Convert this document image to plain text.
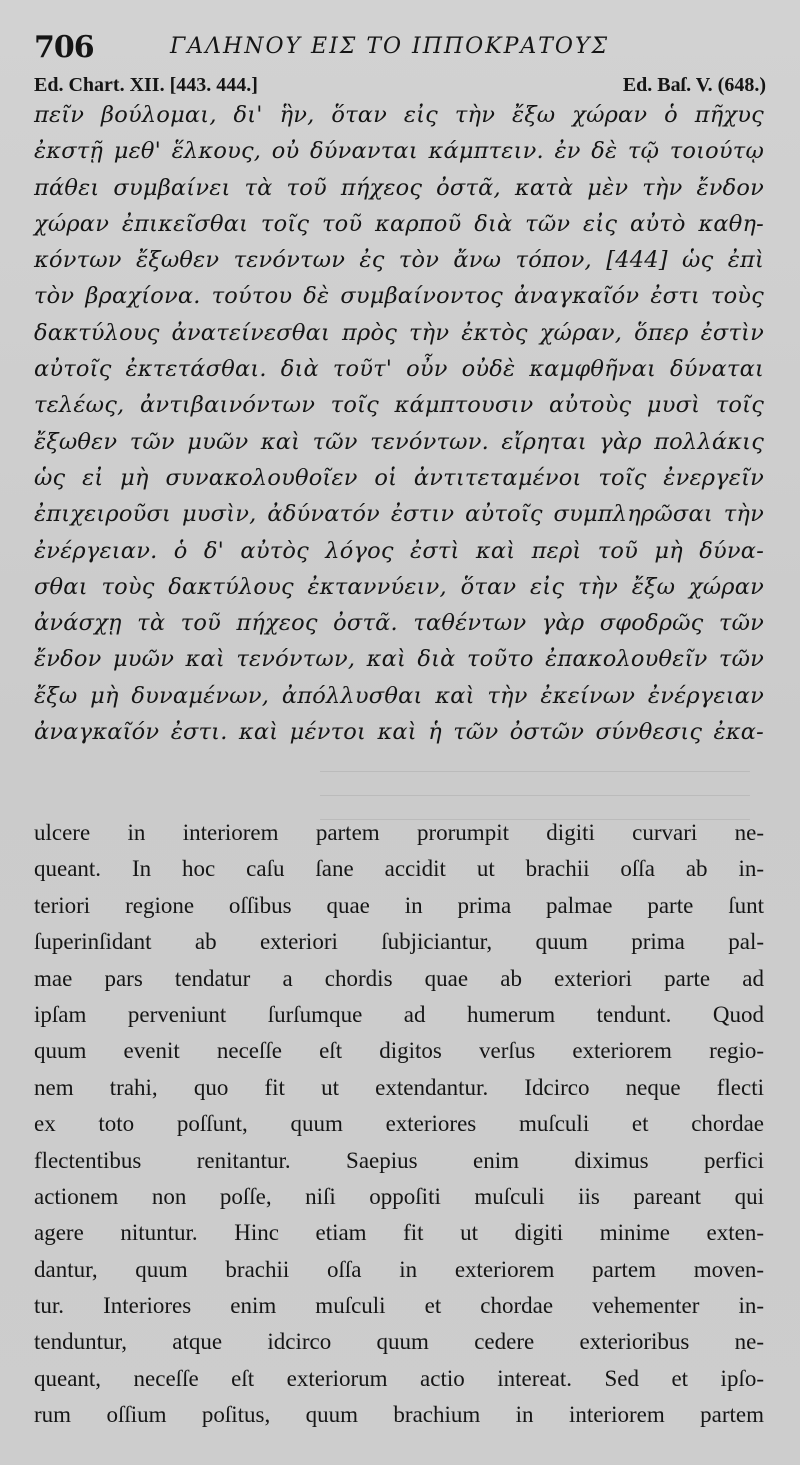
706	ΓΑΛΗΝΟΥ ΕΙΣ ΤΟ ΙΠΠΟΚΡΑΤΟΥΣ
Ed. Chart. XII. [443. 444.]	Ed. Baſ. V. (648.)
πεῖν βούλομαι, δι' ἣν, ὅταν εἰς τὴν ἔξω χώραν ὁ πῆχυς
ἐκστῇ μεθ' ἕλκους, οὐ δύνανται κάμπτειν. ἐν δὲ τῷ τοιούτῳ
πάθει συμβαίνει τὰ τοῦ πήχεος ὀστᾶ, κατὰ μὲν τὴν ἔνδον
χώραν ἐπικεῖσθαι τοῖς τοῦ καρποῦ διὰ τῶν εἰς αὐτὸ καθη-
κόντων ἔξωθεν τενόντων ἐς τὸν ἄνω τόπον, [444] ὡς ἐπὶ
τὸν βραχίονα. τούτου δὲ συμβαίνοντος ἀναγκαῖόν ἐστι τοὺς
δακτύλους ἀνατείνεσθαι πρὸς τὴν ἐκτὸς χώραν, ὅπερ ἐστὶν
αὐτοῖς ἐκτετάσθαι. διὰ τοῦτ' οὖν οὐδὲ καμφθῆναι δύναται
τελέως, ἀντιβαινόντων τοῖς κάμπτουσιν αὐτοὺς μυσὶ τοῖς
ἔξωθεν τῶν μυῶν καὶ τῶν τενόντων. εἴρηται γὰρ πολλάκις
ὡς εἰ μὴ συνακολουθοῖεν οἱ ἀντιτεταμένοι τοῖς ἐνεργεῖν
ἐπιχειροῦσι μυσὶν, ἀδύνατόν ἐστιν αὐτοῖς συμπληρῶσαι τὴν
ἐνέργειαν. ὁ δ' αὐτὸς λόγος ἐστὶ καὶ περὶ τοῦ μὴ δύνα-
σθαι τοὺς δακτύλους ἐκταννύειν, ὅταν εἰς τὴν ἔξω χώραν
ἀνάσχῃ τὰ τοῦ πήχεος ὀστᾶ. ταθέντων γὰρ σφοδρῶς τῶν
ἔνδον μυῶν καὶ τενόντων, καὶ διὰ τοῦτο ἐπακολουθεῖν τῶν
ἔξω μὴ δυναμένων, ἀπόλλυσθαι καὶ τὴν ἐκείνων ἐνέργειαν
ἀναγκαῖόν ἐστι. καὶ μέντοι καὶ ἡ τῶν ὀστῶν σύνθεσις ἐκα-
ulcere in interiorem partem prorumpit digiti curvari ne-
queant. In hoc caſu ſane accidit ut brachii oſſa ab in-
teriori regione oſſibus quae in prima palmae parte ſunt
ſuperinſidant ab exteriori ſubjiciantur, quum prima pal-
mae pars tendatur a chordis quae ab exteriori parte ad
ipſam perveniunt ſurſumque ad humerum tendunt. Quod
quum evenit neceſſe eſt digitos verſus exteriorem regio-
nem trahi, quo fit ut extendantur. Idcirco neque flecti
ex toto poſſunt, quum exteriores muſculi et chordae
flectentibus renitantur. Saepius enim diximus perfici
actionem non poſſe, niſi oppoſiti muſculi iis pareant qui
agere nituntur. Hinc etiam fit ut digiti minime exten-
dantur, quum brachii oſſa in exteriorem partem moven-
tur. Interiores enim muſculi et chordae vehementer in-
tenduntur, atque idcirco quum cedere exterioribus ne-
queant, neceſſe eſt exteriorum actio intereat. Sed et ipſo-
rum oſſium poſitus, quum brachium in interiorem partem
